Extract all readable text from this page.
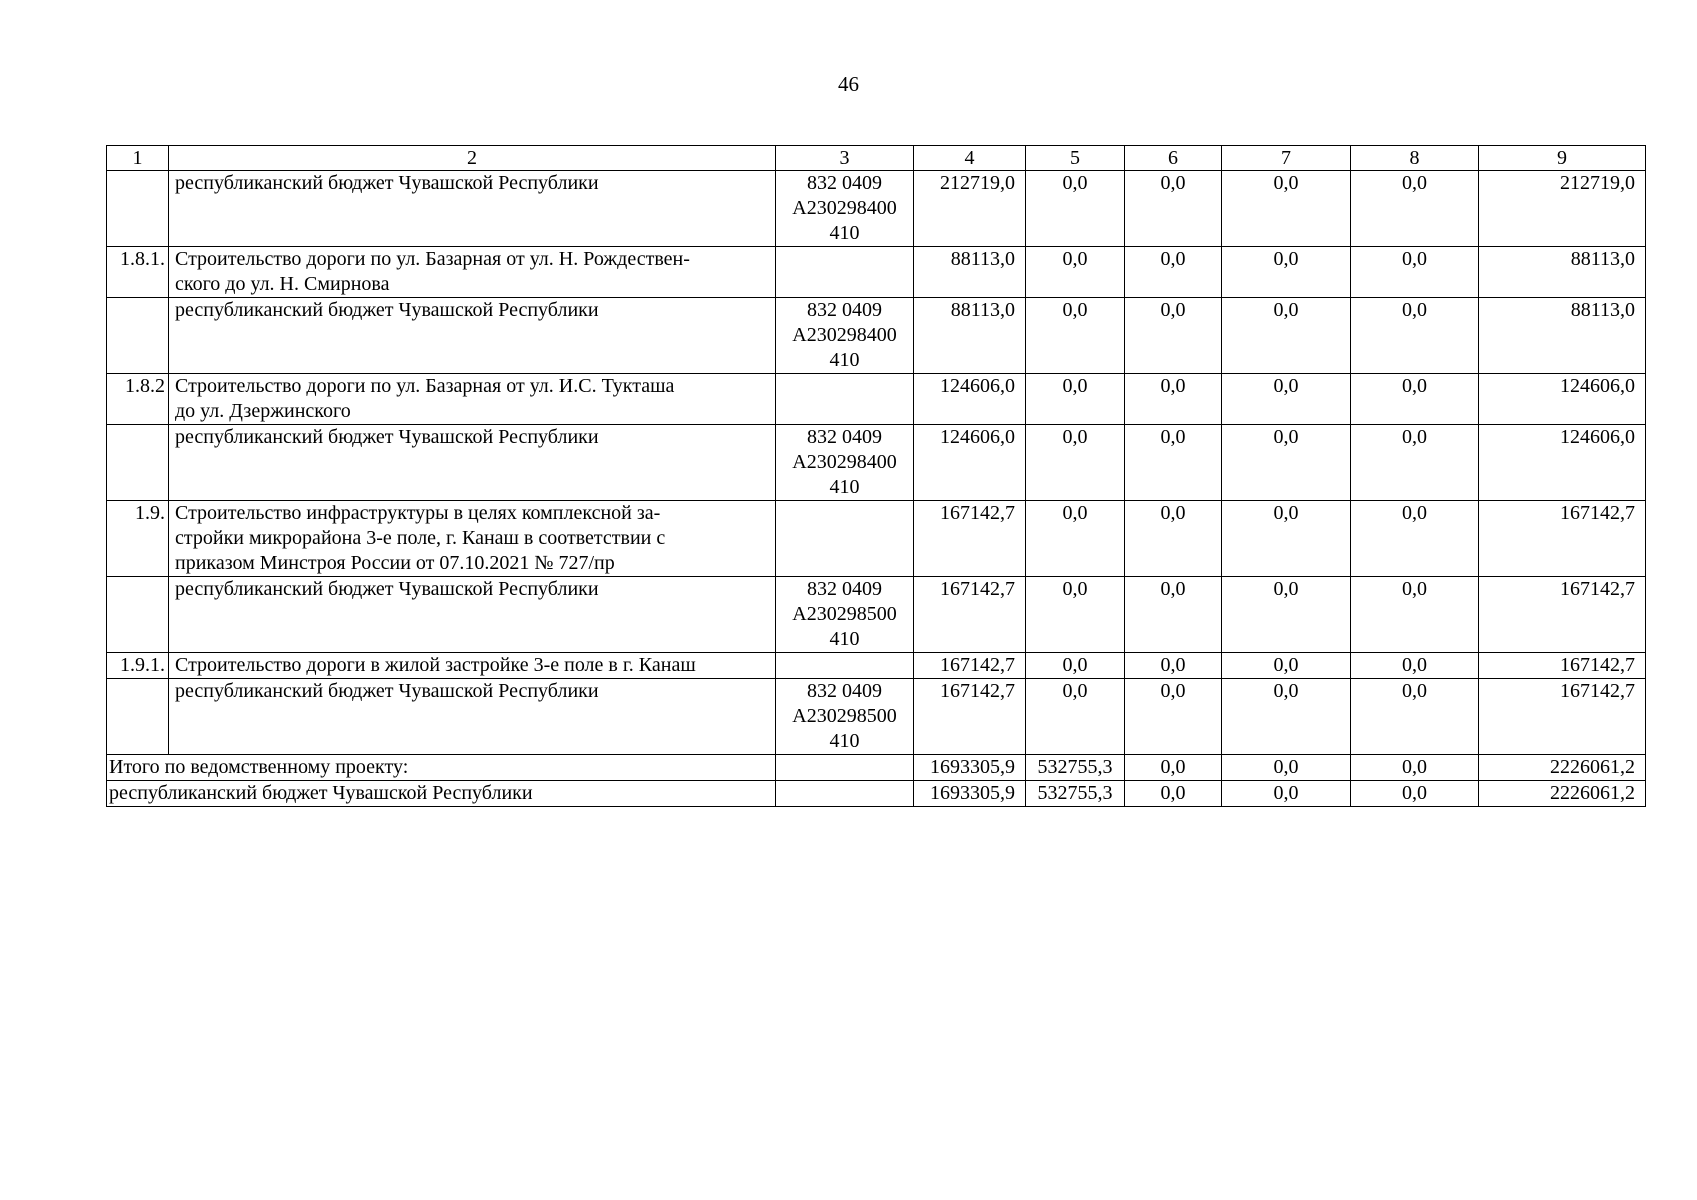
46
1	2	3	4	5	6	7	8	9
	республиканский бюджет Чувашской Республики	832 0409
А230298400
410	212719,0	0,0	0,0	0,0	0,0	212719,0
1.8.1.	Строительство дороги по ул. Базарная от ул. Н. Рождествен-
ского до ул. Н. Смирнова		88113,0	0,0	0,0	0,0	0,0	88113,0
	республиканский бюджет Чувашской Республики	832 0409
А230298400
410	88113,0	0,0	0,0	0,0	0,0	88113,0
1.8.2	Строительство дороги по ул. Базарная от ул. И.С. Тукташа
до ул. Дзержинского		124606,0	0,0	0,0	0,0	0,0	124606,0
	республиканский бюджет Чувашской Республики	832 0409
А230298400
410	124606,0	0,0	0,0	0,0	0,0	124606,0
1.9.	Строительство инфраструктуры в целях комплексной за-
стройки микрорайона 3-е поле, г. Канаш в соответствии с
приказом Минстроя России от 07.10.2021 № 727/пр		167142,7	0,0	0,0	0,0	0,0	167142,7
	республиканский бюджет Чувашской Республики	832 0409
А230298500
410	167142,7	0,0	0,0	0,0	0,0	167142,7
1.9.1.	Строительство дороги в жилой застройке 3-е поле в г. Канаш		167142,7	0,0	0,0	0,0	0,0	167142,7
	республиканский бюджет Чувашской Республики	832 0409
А230298500
410	167142,7	0,0	0,0	0,0	0,0	167142,7
Итого по ведомственному проекту:			1693305,9	532755,3	0,0	0,0	0,0	2226061,2
республиканский бюджет Чувашской Республики			1693305,9	532755,3	0,0	0,0	0,0	2226061,2
